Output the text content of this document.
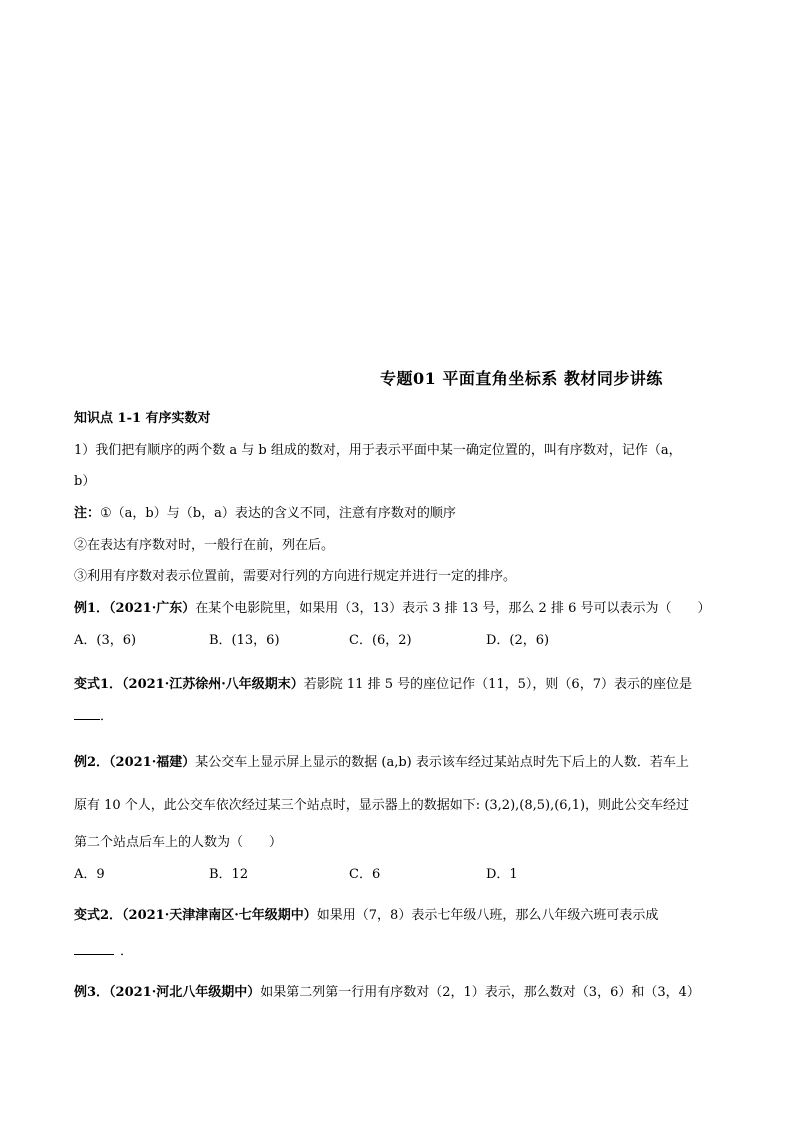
专题01 平面直角坐标系 教材同步讲练
知识点 1-1 有序实数对
1）我们把有顺序的两个数 a 与 b 组成的数对，用于表示平面中某一确定位置的，叫有序数对，记作（a，
b）
注：①（a，b）与（b，a）表达的含义不同，注意有序数对的顺序
②在表达有序数对时，一般行在前，列在后。
③利用有序数对表示位置前，需要对行列的方向进行规定并进行一定的排序。
例1．（2021·广东）在某个电影院里，如果用（3，13）表示 3 排 13 号，那么 2 排 6 号可以表示为（　　）
A．(3，6)	B．(13，6)	C．(6，2)	D．(2，6)
变式1．（2021·江苏徐州·八年级期末）若影院 11 排 5 号的座位记作（11，5），则（6，7）表示的座位是
．
例2．（2021·福建）某公交车上显示屏上显示的数据 (a,b) 表示该车经过某站点时先下后上的人数．若车上
原有 10 个人，此公交车依次经过某三个站点时，显示器上的数据如下: (3,2),(8,5),(6,1)，则此公交车经过
第二个站点后车上的人数为（　　）
A．9	B．12	C．6	D．1
变式2．（2021·天津津南区·七年级期中）如果用（7，8）表示七年级八班，那么八年级六班可表示成
．
例3．（2021·河北八年级期中）如果第二列第一行用有序数对（2，1）表示，那么数对（3，6）和（3，4）
